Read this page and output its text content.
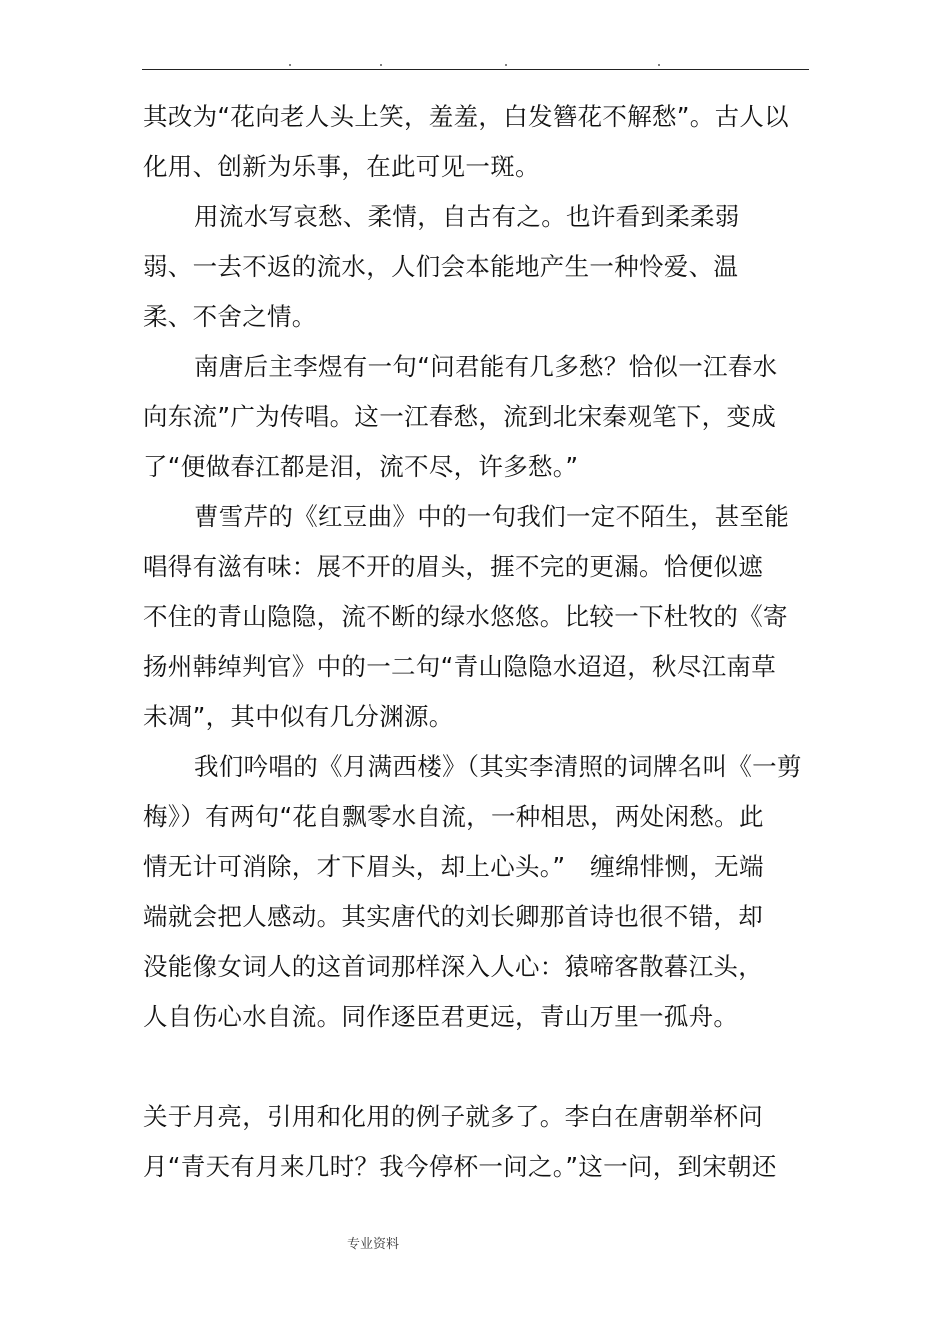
其改为“花向老人头上笑，羞羞，白发簪花不解愁”。古人以
化用、创新为乐事，在此可见一斑。
用流水写哀愁、柔情，自古有之。也许看到柔柔弱
弱、一去不返的流水，人们会本能地产生一种怜爱、温
柔、不舍之情。
南唐后主李煜有一句“问君能有几多愁？恰似一江春水
向东流”广为传唱。这一江春愁，流到北宋秦观笔下，变成
了“便做春江都是泪，流不尽，许多愁。”
曹雪芹的《红豆曲》中的一句我们一定不陌生，甚至能
唱得有滋有味：展不开的眉头，捱不完的更漏。恰便似遮
不住的青山隐隐，流不断的绿水悠悠。比较一下杜牧的《寄
扬州韩绰判官》中的一二句“青山隐隐水迢迢，秋尽江南草
未凋”，其中似有几分渊源。
我们吟唱的《月满西楼》（其实李清照的词牌名叫《一剪
梅》）有两句“花自飘零水自流，一种相思，两处闲愁。此
情无计可消除，才下眉头，却上心头。”　缠绵悱恻，无端
端就会把人感动。其实唐代的刘长卿那首诗也很不错，却
没能像女词人的这首词那样深入人心：猿啼客散暮江头，
人自伤心水自流。同作逐臣君更远，青山万里一孤舟。
关于月亮，引用和化用的例子就多了。李白在唐朝举杯问
月“青天有月来几时？我今停杯一问之。”这一问，到宋朝还
专业资料
